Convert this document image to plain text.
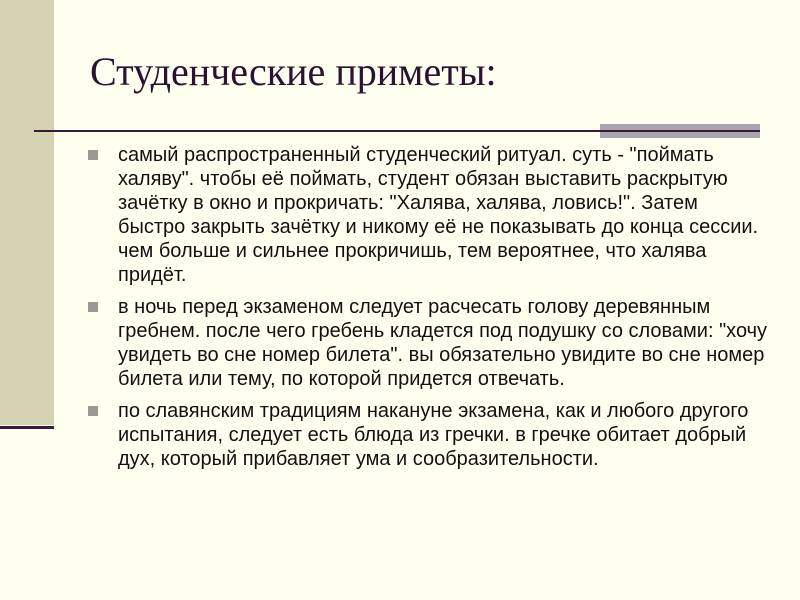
Студенческие приметы:
самый распространенный студенческий ритуал. суть - "поймать халяву". чтобы её поймать, студент обязан выставить раскрытую зачётку в окно и прокричать: "Халява, халява, ловись!". Затем быстро закрыть зачётку и никому её не показывать до конца сессии. чем больше и сильнее прокричишь, тем вероятнее, что халява придёт.
в ночь перед экзаменом следует расчесать голову деревянным гребнем. после чего гребень кладется под подушку со словами: "хочу увидеть во сне номер билета". вы обязательно увидите во сне номер билета или тему, по которой придется отвечать.
по славянским традициям накануне экзамена, как и любого другого испытания, следует есть блюда из гречки. в гречке обитает добрый дух, который прибавляет ума и сообразительности.
